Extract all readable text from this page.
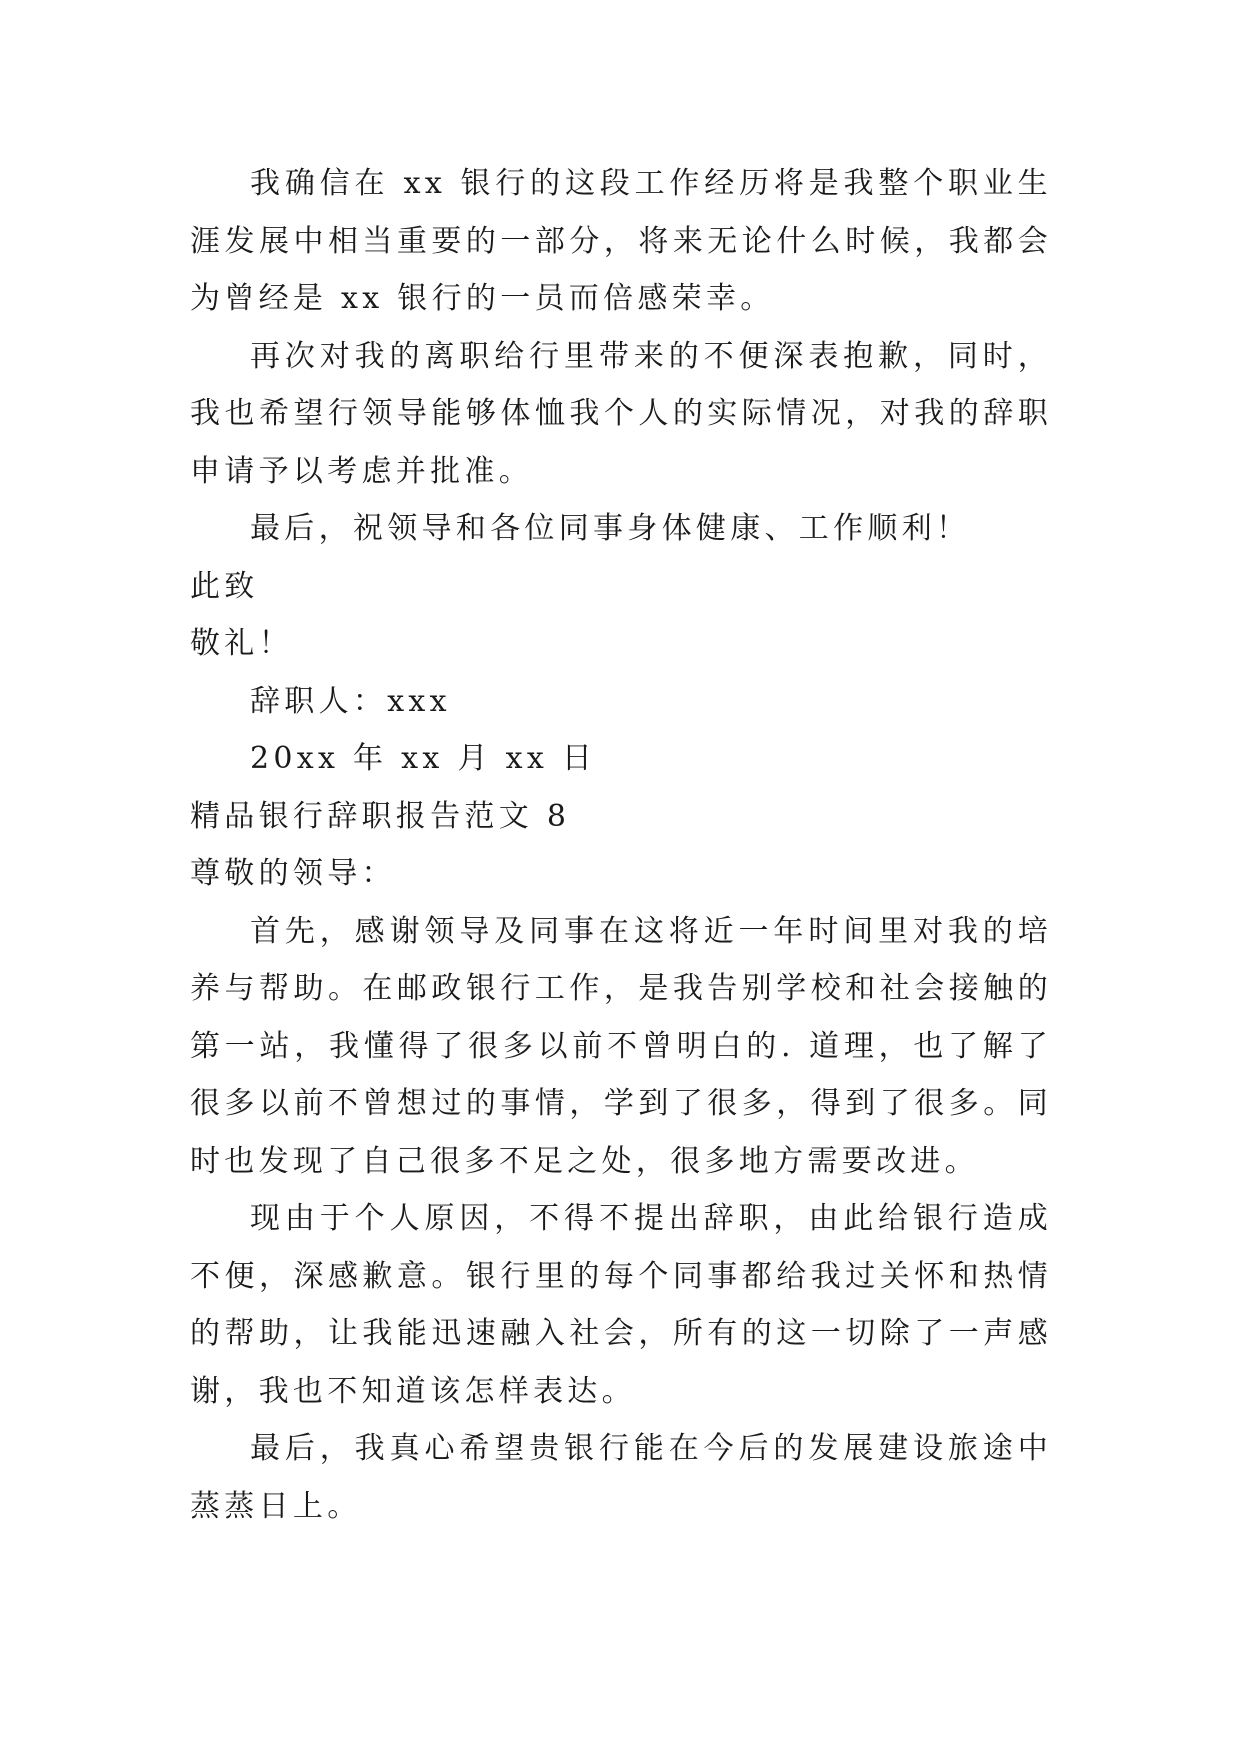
我确信在 xx 银行的这段工作经历将是我整个职业生涯发展中相当重要的一部分，将来无论什么时候，我都会为曾经是 xx 银行的一员而倍感荣幸。

再次对我的离职给行里带来的不便深表抱歉，同时，我也希望行领导能够体恤我个人的实际情况，对我的辞职申请予以考虑并批准。

最后，祝领导和各位同事身体健康、工作顺利！

此致

敬礼！

辞职人：xxx

20xx 年 xx 月 xx 日

精品银行辞职报告范文 8

尊敬的领导：

首先，感谢领导及同事在这将近一年时间里对我的培养与帮助。在邮政银行工作，是我告别学校和社会接触的第一站，我懂得了很多以前不曾明白的. 道理，也了解了很多以前不曾想过的事情，学到了很多，得到了很多。同时也发现了自己很多不足之处，很多地方需要改进。

现由于个人原因，不得不提出辞职，由此给银行造成不便，深感歉意。银行里的每个同事都给我过关怀和热情的帮助，让我能迅速融入社会，所有的这一切除了一声感谢，我也不知道该怎样表达。

最后，我真心希望贵银行能在今后的发展建设旅途中蒸蒸日上。
